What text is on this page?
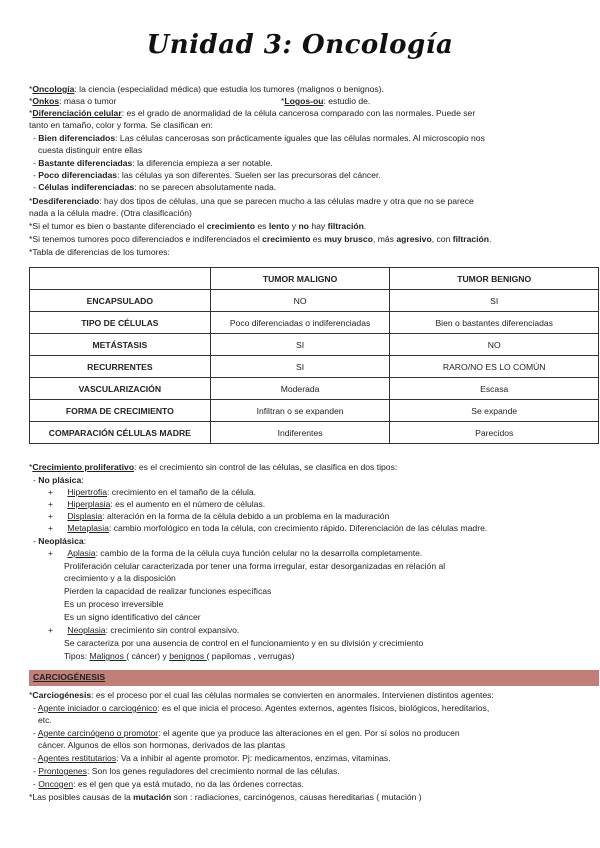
Unidad 3: Oncología
*Oncología: la ciencia (especialidad médica) que estudia los tumores (malignos o benignos).
*Onkos: masa o tumor	*Logos-ou: estudio de.
*Diferenciación celular: es el grado de anormalidad de la célula cancerosa comparado con las normales. Puede ser
tanto en tamaño, color y forma. Se clasifican en:
- Bien diferenciados: Las células cancerosas son prácticamente iguales que las células normales. Al microscopio nos
cuesta distinguir entre ellas
- Bastante diferenciadas: la diferencia empieza a ser notable.
- Poco diferenciadas: las células ya son diferentes. Suelen ser las precursoras del cáncer.
- Células indiferenciadas: no se parecen absolutamente nada.
*Desdiferenciado: hay dos tipos de células, una que se parecen mucho a las células madre y otra que no se parece
nada a la célula madre. (Otra clasificación)
*Si el tumor es bien o bastante diferenciado el crecimiento es lento y no hay filtración.
*Si tenemos tumores poco diferenciados e indiferenciados el crecimiento es muy brusco, más agresivo, con filtración.
*Tabla de diferencias de los tumores:
	TUMOR MALIGNO	TUMOR BENIGNO
ENCAPSULADO	NO	SI
TIPO DE CÉLULAS	Poco diferenciadas o indiferenciadas	Bien o bastantes diferenciadas
METÁSTASIS	SI	NO
RECURRENTES	SI	RARO/NO ES LO COMÚN
VASCULARIZACIÓN	Moderada	Escasa
FORMA DE CRECIMIENTO	Infiltran o se expanden	Se expande
COMPARACIÓN CÉLULAS MADRE	Indiferentes	Parecidos
*Crecimiento proliferativo: es el crecimiento sin control de las células, se clasifica en dos tipos:
- No plásica:
+      Hipertrofia: crecimiento en el tamaño de la célula.
+      Hiperplasia: es el aumento en el número de células.
+      Displasia: alteración en la forma de la célula debido a un problema en la maduración
+      Metaplasia: cambio morfológico en toda la célula, con crecimiento rápido. Diferenciación de las células madre.
- Neoplásica:
+      Aplasia: cambio de la forma de la célula cuya función celular no la desarrolla completamente.
Proliferación celular caracterizada por tener una forma irregular, estar desorganizadas en relación al
crecimiento y a la disposición
Pierden la capacidad de realizar funciones específicas
Es un proceso irreversible
Es un signo identificativo del cáncer
+      Neoplasia: crecimiento sin control expansivo.
Se caracteriza por una ausencia de control en el funcionamiento y en su división y crecimiento
Tipos: Malignos ( cáncer) y benignos ( papilomas , verrugas)
CARCIOGÉNESIS
*Carciogénesis: es el proceso por el cual las células normales se convierten en anormales. Intervienen distintos agentes:
- Agente iniciador o carciogénico: es el que inicia el proceso. Agentes externos, agentes físicos, biológicos, hereditarios,
etc.
- Agente carcinógeno o promotor: el agente que ya produce las alteraciones en el gen. Por sí solos no producen
cáncer. Algunos de ellos son hormonas, derivados de las plantas
- Agentes restitutarios: Va a inhibir al agente promotor. Pj: medicamentos, enzimas, vitaminas.
- Prontogenes: Son los genes reguladores del crecimiento normal de las células.
- Oncogen: es el gen que ya está mutado, no da las órdenes correctas.
*Las posibles causas de la mutación son : radiaciones, carcinógenos, causas hereditarias ( mutación )
